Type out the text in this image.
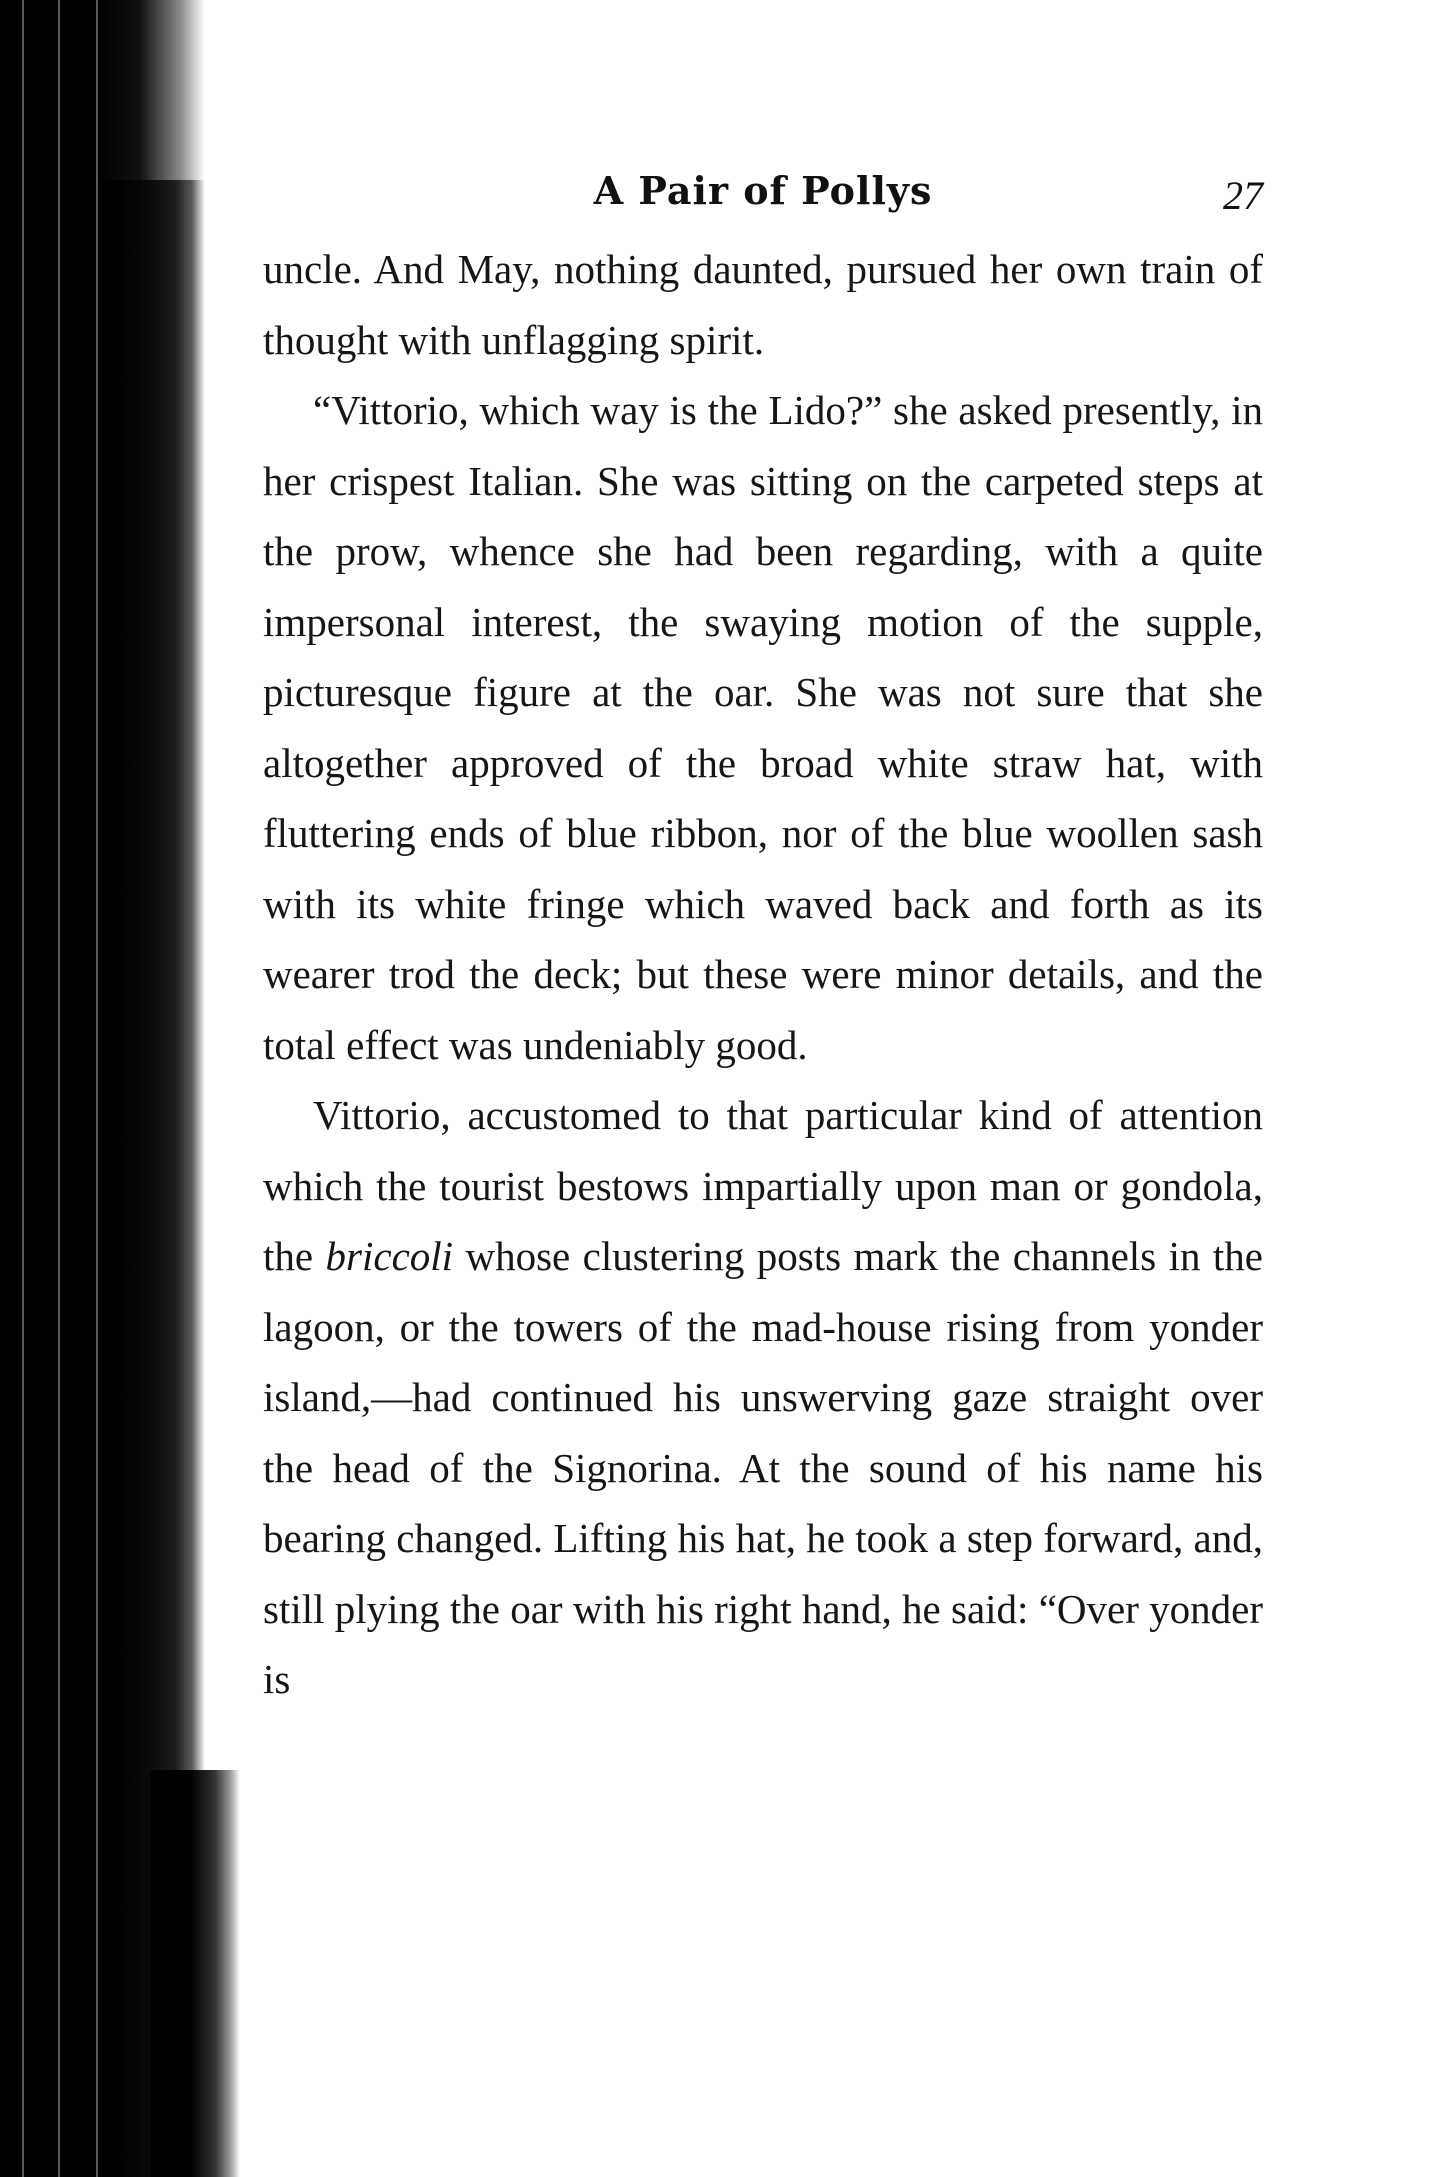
A Pair of Pollys	27

uncle. And May, nothing daunted, pursued her own train of thought with unflagging spirit.

“Vittorio, which way is the Lido?” she asked presently, in her crispest Italian. She was sitting on the carpeted steps at the prow, whence she had been regarding, with a quite impersonal interest, the swaying motion of the supple, picturesque figure at the oar. She was not sure that she altogether approved of the broad white straw hat, with fluttering ends of blue ribbon, nor of the blue woollen sash with its white fringe which waved back and forth as its wearer trod the deck; but these were minor details, and the total effect was undeniably good.

Vittorio, accustomed to that particular kind of attention which the tourist bestows impartially upon man or gondola, the briccoli whose clustering posts mark the channels in the lagoon, or the towers of the mad-house rising from yonder island,—had continued his unswerving gaze straight over the head of the Signorina. At the sound of his name his bearing changed. Lifting his hat, he took a step forward, and, still plying the oar with his right hand, he said: “Over yonder is
